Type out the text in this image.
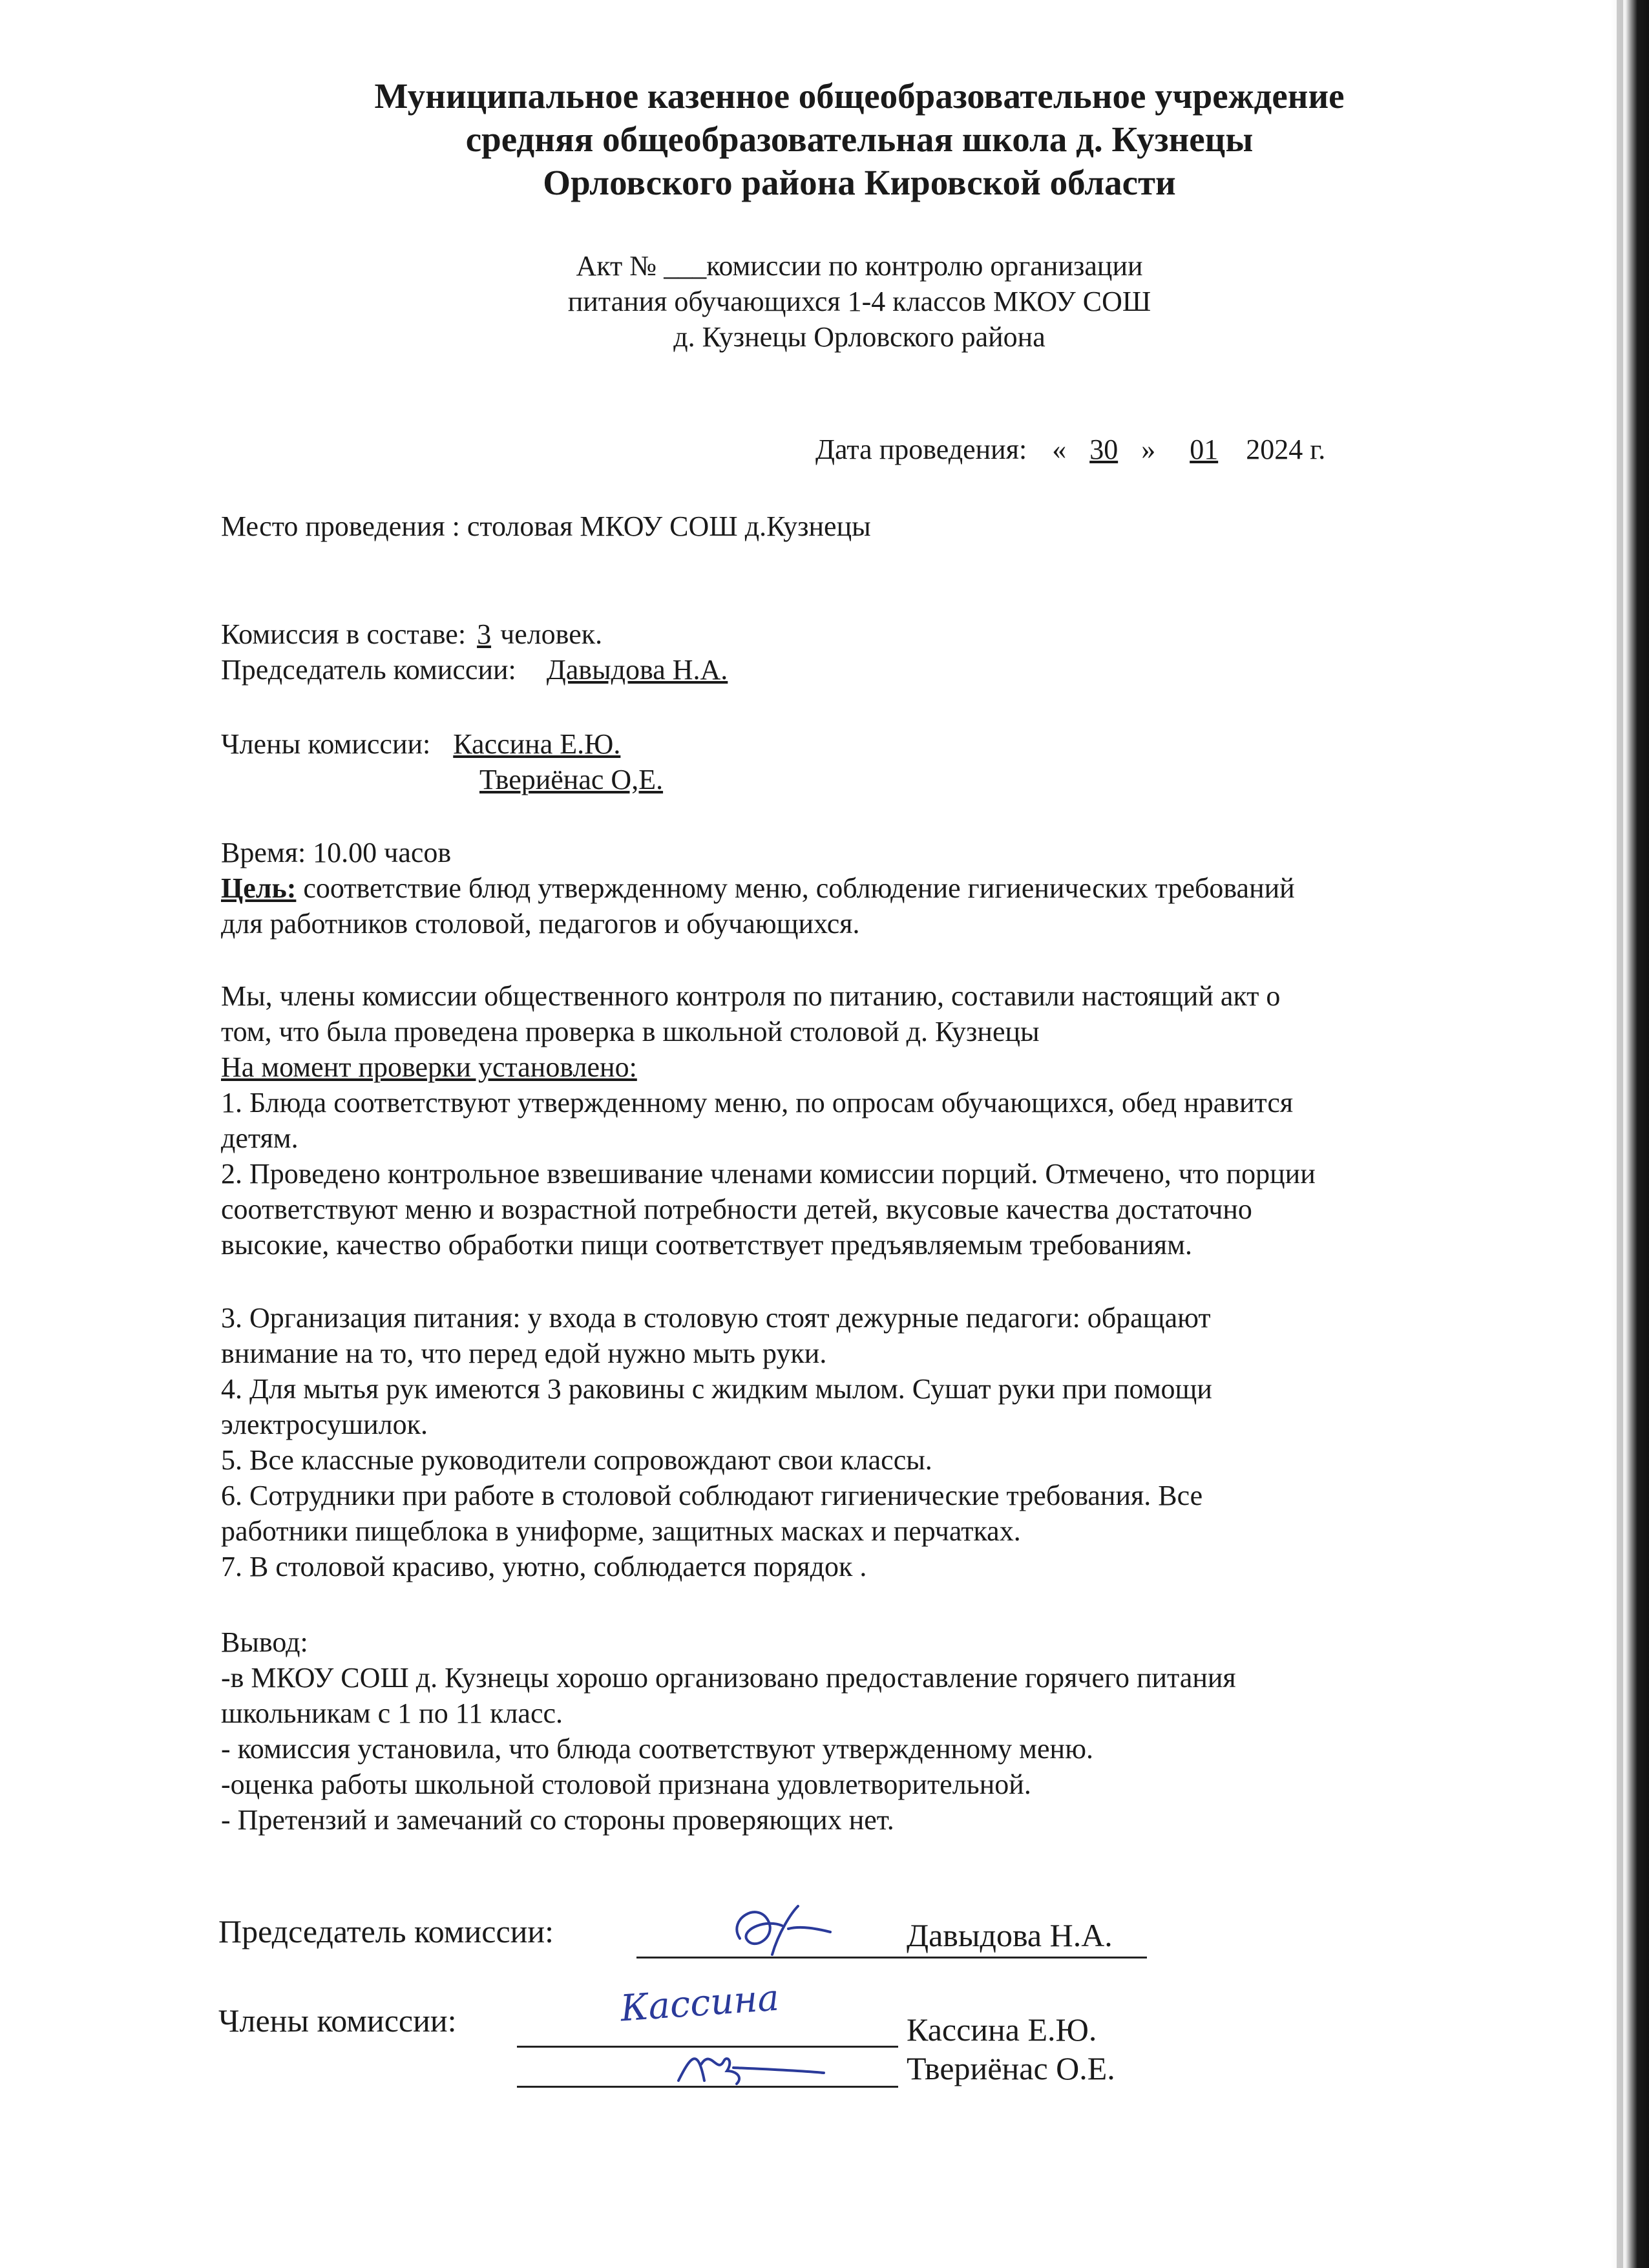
Муниципальное казенное общеобразовательное учреждение
средняя общеобразовательная школа д. Кузнецы
Орловского района Кировской области
Акт № ___комиссии по контролю организации
питания обучающихся 1-4 классов МКОУ СОШ
д. Кузнецы Орловского района
Дата проведения: « 30 » 01 2024 г.
Место проведения : столовая МКОУ СОШ д.Кузнецы
Комиссия в составе: 3 человек.
Председатель комиссии: Давыдова Н.А.
Члены комиссии: Кассина Е.Ю.
Твериёнас О,Е.
Время: 10.00 часов
Цель: соответствие блюд утвержденному меню, соблюдение гигиенических требований
для работников столовой, педагогов и обучающихся.
Мы, члены комиссии общественного контроля по питанию, составили настоящий акт о
том, что была проведена проверка в школьной столовой д. Кузнецы
На момент проверки установлено:
1. Блюда соответствуют утвержденному меню, по опросам обучающихся, обед нравится
детям.
2. Проведено контрольное взвешивание членами комиссии порций. Отмечено, что порции
соответствуют меню и возрастной потребности детей, вкусовые качества достаточно
высокие, качество обработки пищи соответствует предъявляемым требованиям.
3. Организация питания: у входа в столовую стоят дежурные педагоги: обращают
внимание на то, что перед едой нужно мыть руки.
4. Для мытья рук имеются 3 раковины с жидким мылом. Сушат руки при помощи
электросушилок.
5. Все классные руководители сопровождают свои классы.
6. Сотрудники при работе в столовой соблюдают гигиенические требования. Все
работники пищеблока в униформе, защитных масках и перчатках.
7. В столовой красиво, уютно, соблюдается порядок .
Вывод:
-в МКОУ СОШ д. Кузнецы хорошо организовано предоставление горячего питания
школьникам с 1 по 11 класс.
- комиссия установила, что блюда соответствуют утвержденному меню.
-оценка работы школьной столовой признана удовлетворительной.
- Претензий и замечаний со стороны проверяющих нет.
Председатель комиссии:	Давыдова Н.А.
Члены комиссии:	Кассина	Кассина Е.Ю.
Твериёнас О.Е.
